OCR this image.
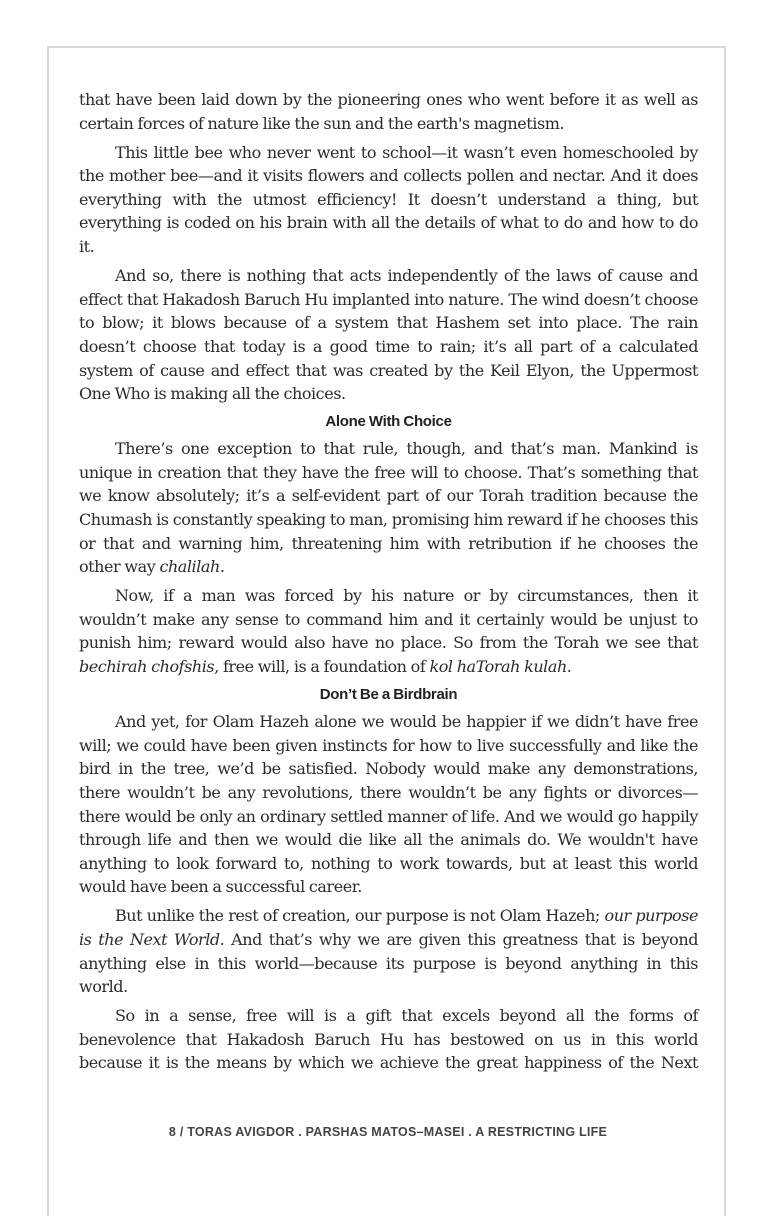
that have been laid down by the pioneering ones who went before it as well as certain forces of nature like the sun and the earth's magnetism.

This little bee who never went to school—it wasn’t even homeschooled by the mother bee—and it visits flowers and collects pollen and nectar. And it does everything with the utmost efficiency! It doesn’t understand a thing, but everything is coded on his brain with all the details of what to do and how to do it.

And so, there is nothing that acts independently of the laws of cause and effect that Hakadosh Baruch Hu implanted into nature. The wind doesn’t choose to blow; it blows because of a system that Hashem set into place. The rain doesn’t choose that today is a good time to rain; it’s all part of a calculated system of cause and effect that was created by the Keil Elyon, the Uppermost One Who is making all the choices.

Alone With Choice

There’s one exception to that rule, though, and that’s man. Mankind is unique in creation that they have the free will to choose. That’s something that we know absolutely; it’s a self-evident part of our Torah tradition because the Chumash is constantly speaking to man, promising him reward if he chooses this or that and warning him, threatening him with retribution if he chooses the other way chalilah.

Now, if a man was forced by his nature or by circumstances, then it wouldn’t make any sense to command him and it certainly would be unjust to punish him; reward would also have no place. So from the Torah we see that bechirah chofshis, free will, is a foundation of kol haTorah kulah.

Don’t Be a Birdbrain

And yet, for Olam Hazeh alone we would be happier if we didn’t have free will; we could have been given instincts for how to live successfully and like the bird in the tree, we’d be satisfied. Nobody would make any demonstrations, there wouldn’t be any revolutions, there wouldn’t be any fights or divorces—there would be only an ordinary settled manner of life. And we would go happily through life and then we would die like all the animals do. We wouldn't have anything to look forward to, nothing to work towards, but at least this world would have been a successful career.

But unlike the rest of creation, our purpose is not Olam Hazeh; our purpose is the Next World. And that’s why we are given this greatness that is beyond anything else in this world—because its purpose is beyond anything in this world.

So in a sense, free will is a gift that excels beyond all the forms of benevolence that Hakadosh Baruch Hu has bestowed on us in this world because it is the means by which we achieve the great happiness of the Next

8 / TORAS AVIGDOR . PARSHAS MATOS–MASEI . A RESTRICTING LIFE
